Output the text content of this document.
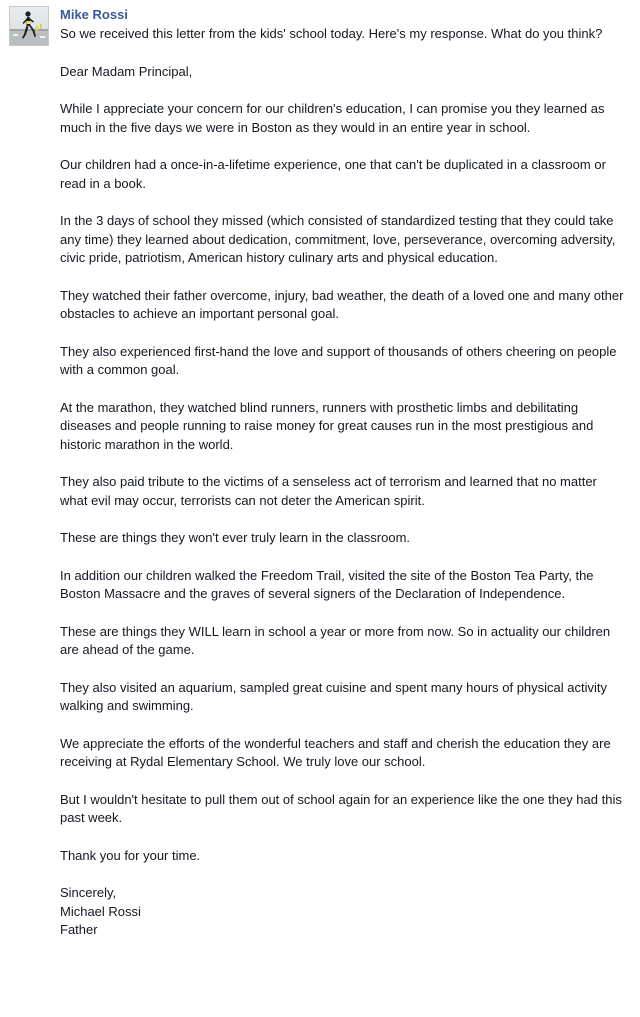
Mike Rossi

So we received this letter from the kids' school today. Here's my response. What do you think?

Dear Madam Principal,

While I appreciate your concern for our children's education, I can promise you they learned as much in the five days we were in Boston as they would in an entire year in school.

Our children had a once-in-a-lifetime experience, one that can't be duplicated in a classroom or read in a book.

In the 3 days of school they missed (which consisted of standardized testing that they could take any time) they learned about dedication, commitment, love, perseverance, overcoming adversity, civic pride, patriotism, American history culinary arts and physical education.

They watched their father overcome, injury, bad weather, the death of a loved one and many other obstacles to achieve an important personal goal.

They also experienced first-hand the love and support of thousands of others cheering on people with a common goal.

At the marathon, they watched blind runners, runners with prosthetic limbs and debilitating diseases and people running to raise money for great causes run in the most prestigious and historic marathon in the world.

They also paid tribute to the victims of a senseless act of terrorism and learned that no matter what evil may occur, terrorists can not deter the American spirit.

These are things they won't ever truly learn in the classroom.

In addition our children walked the Freedom Trail, visited the site of the Boston Tea Party, the Boston Massacre and the graves of several signers of the Declaration of Independence.

These are things they WILL learn in school a year or more from now. So in actuality our children are ahead of the game.

They also visited an aquarium, sampled great cuisine and spent many hours of physical activity walking and swimming.

We appreciate the efforts of the wonderful teachers and staff and cherish the education they are receiving at Rydal Elementary School. We truly love our school.

But I wouldn't hesitate to pull them out of school again for an experience like the one they had this past week.

Thank you for your time.

Sincerely,

Michael Rossi

Father
